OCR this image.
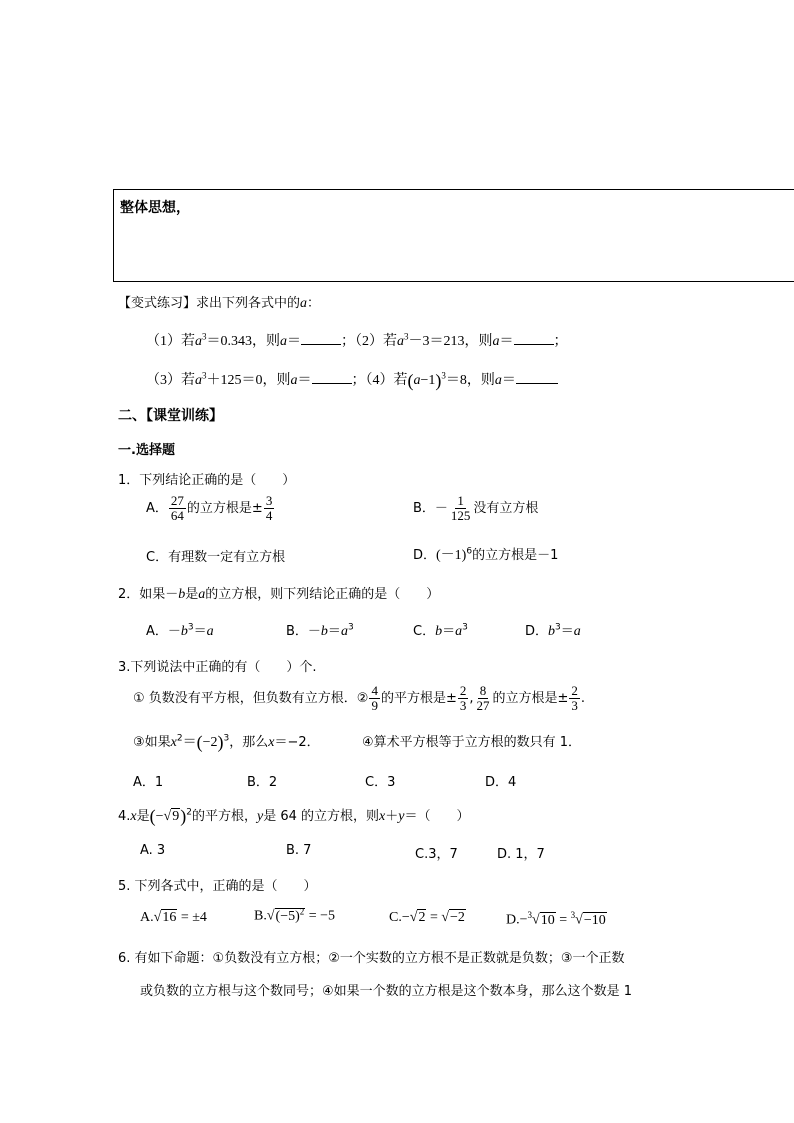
整体思想，
【变式练习】求出下列各式中的a：
（1）若$a^3=0.343$，则a＝	；（2）若$a^3-3=213$，则a＝	；
（3）若$a^3+125=0$，则a＝	；（4）若$(a-1)^3=8$，则a＝
二、【课堂训练】
一.选择题
1．下列结论正确的是（　　）
A． $\frac{27}{64}$ 的立方根是± $\frac{3}{4}$	B．－ $\frac{1}{125}$ 没有立方根
C．有理数一定有立方根	D．$(-1)^6$的立方根是－1
2．如果－b是a的立方根，则下列结论正确的是（　　）
A．$-b^3=a$	B．$-b=a^3$	C．$b=a^3$	D．$b^3=a$
3.下列说法中正确的有（　　）个.
① 负数没有平方根，但负数有立方根．② $\frac{4}{9}$ 的平方根是± $\frac{2}{3}$ , $\frac{8}{27}$ 的立方根是± $\frac{2}{3}$ .
③如果$x^2=(-2)^3$，那么x＝−2．	④算术平方根等于立方根的数只有 1．
A．1	B．2	C．3	D．4
4.x是$(-√9)^2$的平方根，y是 64 的立方根，则x＋y＝（　　）
A. 3	B. 7	C.3，7	D. 1，7
5. 下列各式中，正确的是（　　）
A.√16 = ±4	$B.√(-5)^2 = -5$	C.−√2 = √−2	D.−$^3$√10 = $^3$√−10
6. 有如下命题：①负数没有立方根；②一个实数的立方根不是正数就是负数；③一个正数
或负数的立方根与这个数同号；④如果一个数的立方根是这个数本身，那么这个数是 1
